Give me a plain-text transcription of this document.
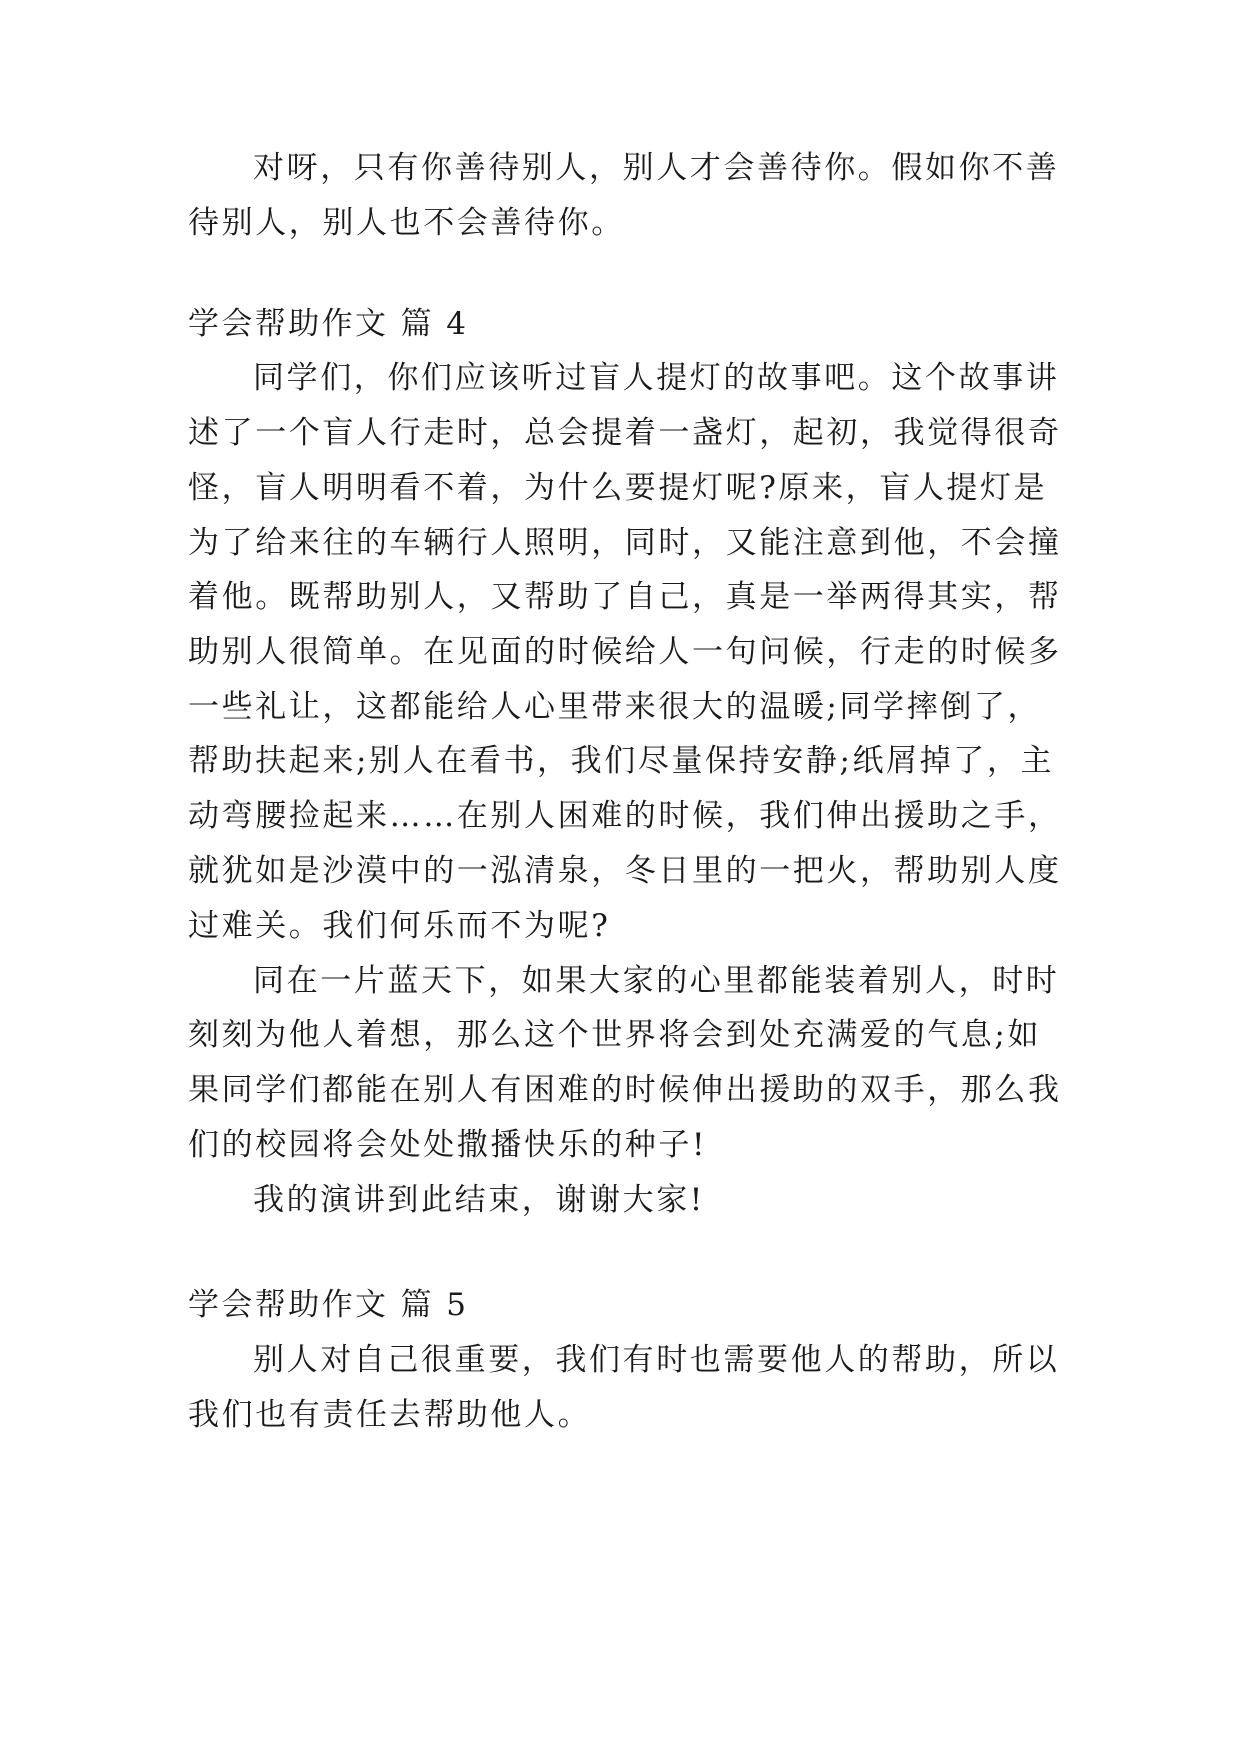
对呀，只有你善待别人，别人才会善待你。假如你不善
待别人，别人也不会善待你。
学会帮助作文 篇 4
同学们，你们应该听过盲人提灯的故事吧。这个故事讲
述了一个盲人行走时，总会提着一盏灯，起初，我觉得很奇
怪，盲人明明看不着，为什么要提灯呢?原来，盲人提灯是
为了给来往的车辆行人照明，同时，又能注意到他，不会撞
着他。既帮助别人，又帮助了自己，真是一举两得其实，帮
助别人很简单。在见面的时候给人一句问候，行走的时候多
一些礼让，这都能给人心里带来很大的温暖;同学摔倒了，
帮助扶起来;别人在看书，我们尽量保持安静;纸屑掉了，主
动弯腰捡起来……在别人困难的时候，我们伸出援助之手，
就犹如是沙漠中的一泓清泉，冬日里的一把火，帮助别人度
过难关。我们何乐而不为呢?
同在一片蓝天下，如果大家的心里都能装着别人，时时
刻刻为他人着想，那么这个世界将会到处充满爱的气息;如
果同学们都能在别人有困难的时候伸出援助的双手，那么我
们的校园将会处处撒播快乐的种子!
我的演讲到此结束，谢谢大家!
学会帮助作文 篇 5
别人对自己很重要，我们有时也需要他人的帮助，所以
我们也有责任去帮助他人。
